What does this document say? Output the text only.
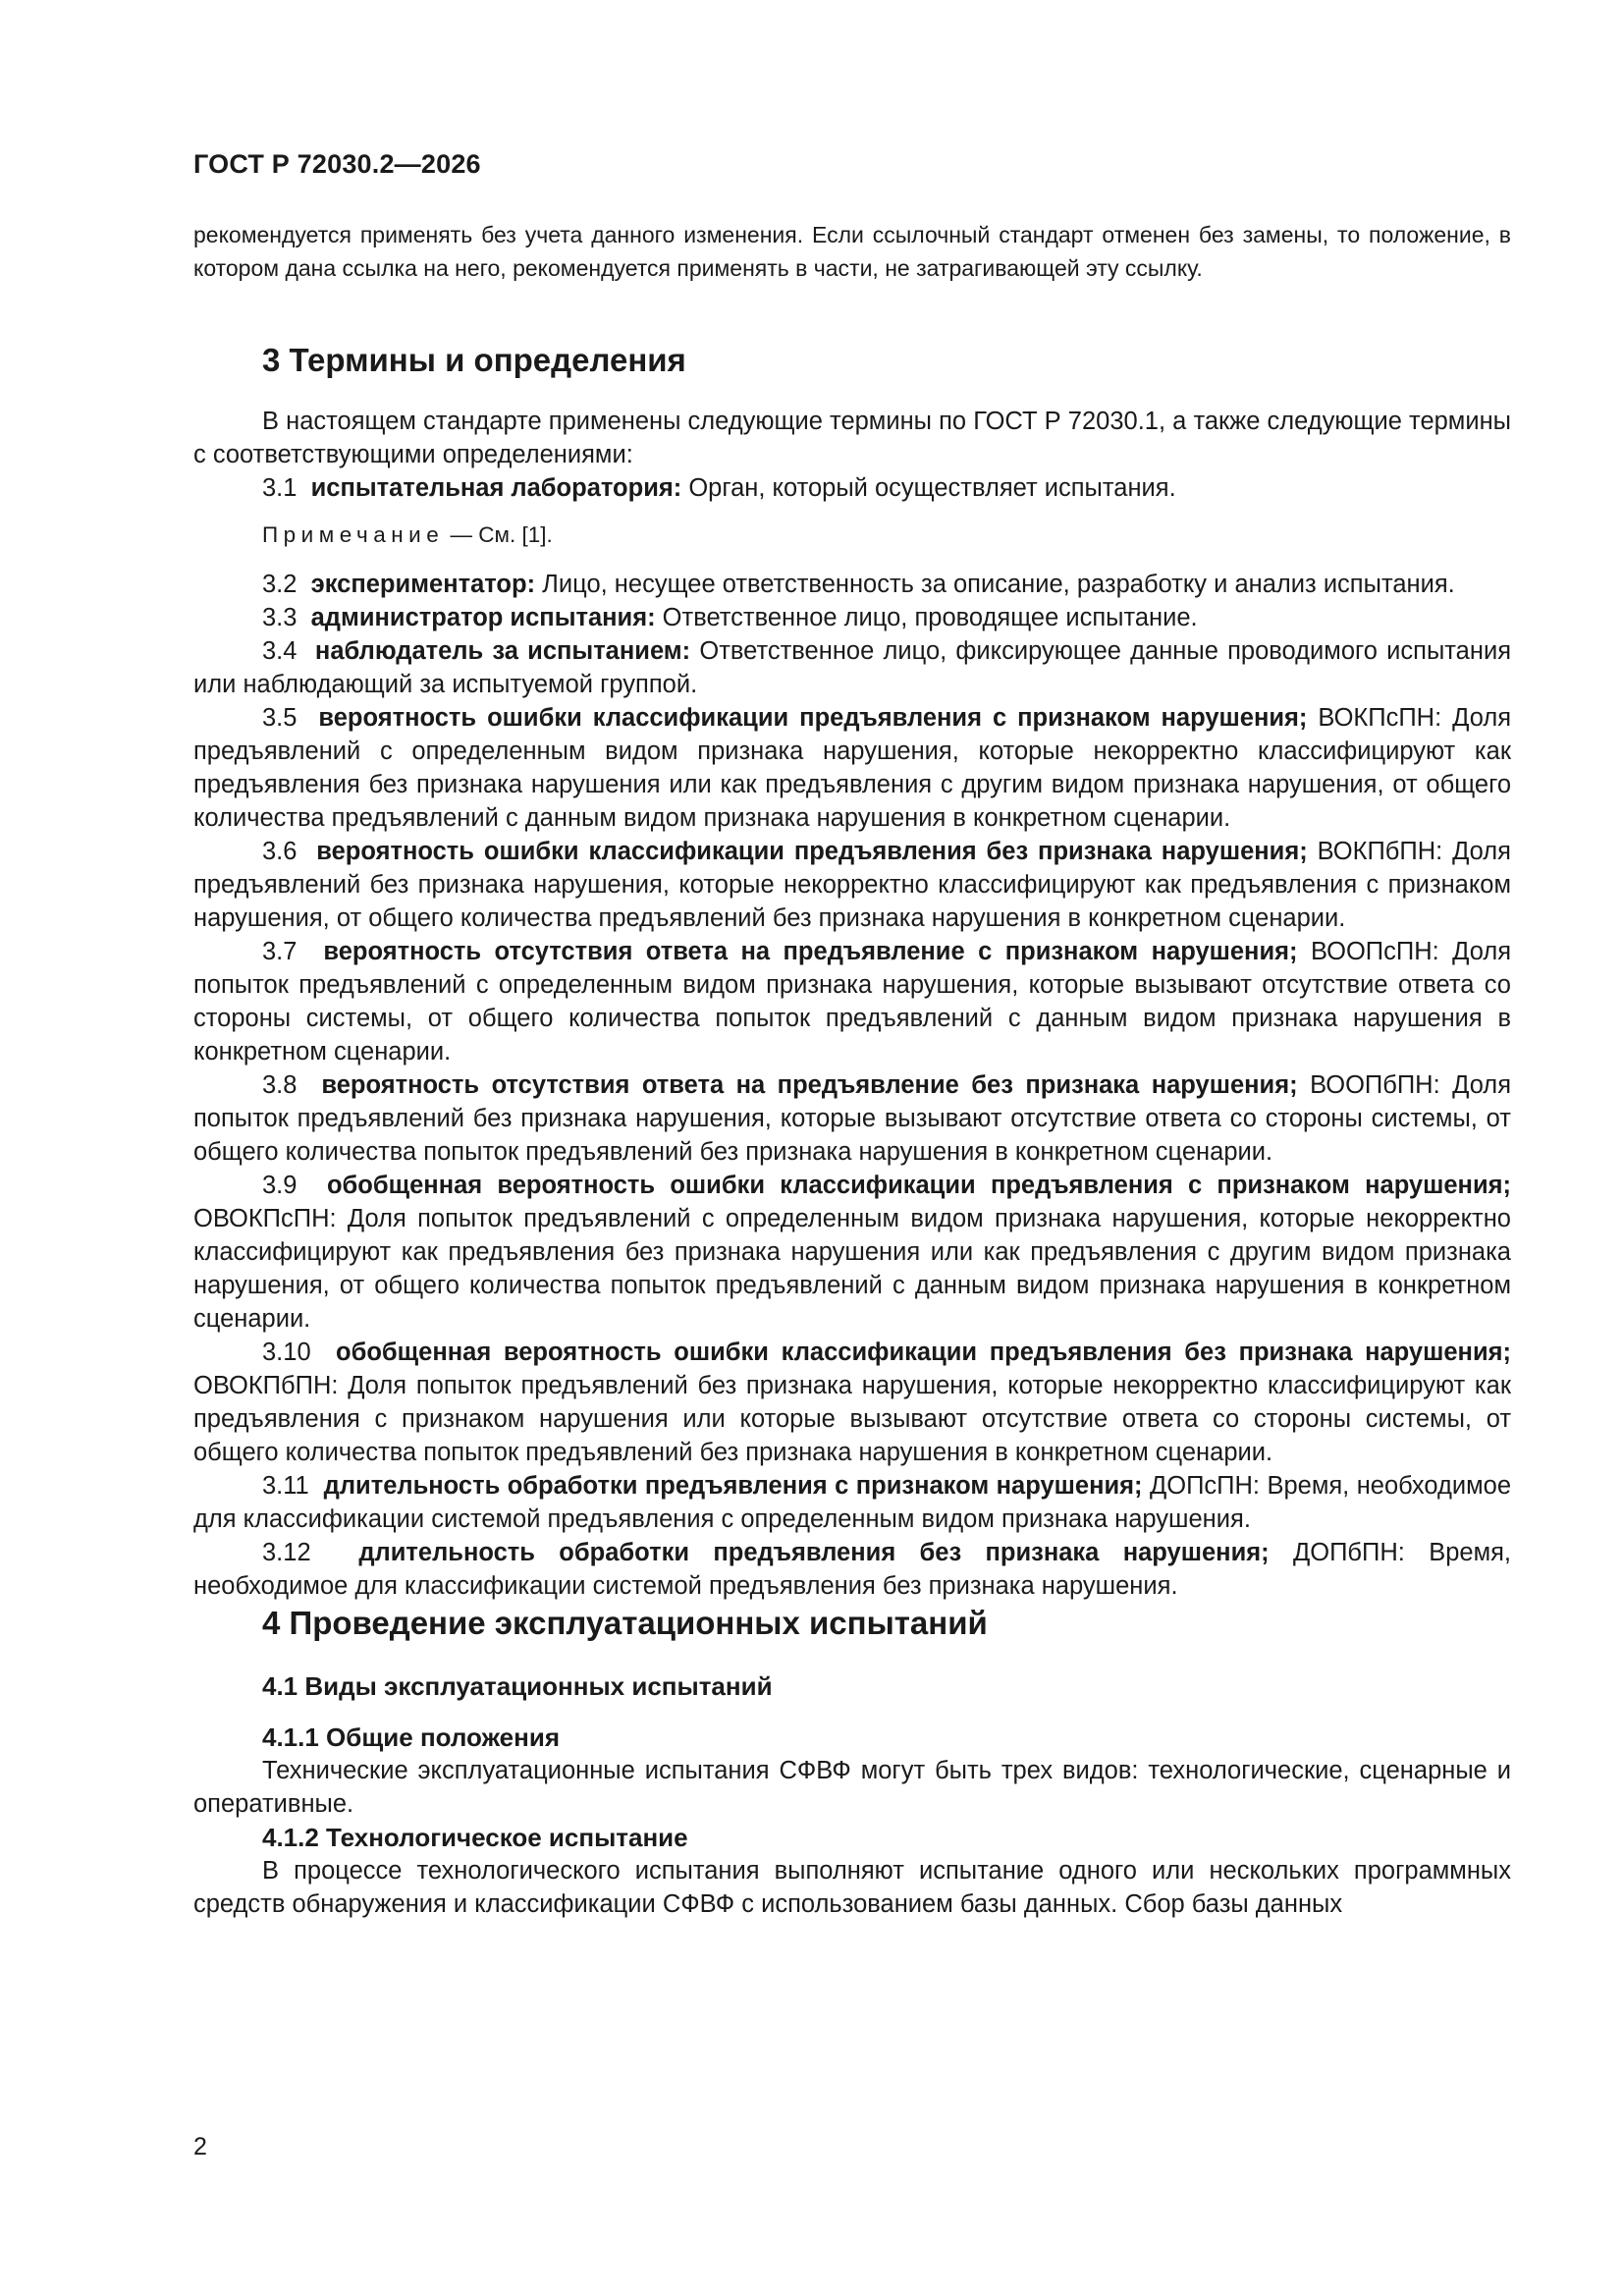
ГОСТ Р 72030.2—2026

рекомендуется применять без учета данного изменения. Если ссылочный стандарт отменен без замены, то положение, в котором дана ссылка на него, рекомендуется применять в части, не затрагивающей эту ссылку.

3 Термины и определения

В настоящем стандарте применены следующие термины по ГОСТ Р 72030.1, а также следующие термины с соответствующими определениями:

3.1 испытательная лаборатория: Орган, который осуществляет испытания.

Примечание — См. [1].

3.2 экспериментатор: Лицо, несущее ответственность за описание, разработку и анализ испытания.

3.3 администратор испытания: Ответственное лицо, проводящее испытание.

3.4 наблюдатель за испытанием: Ответственное лицо, фиксирующее данные проводимого испытания или наблюдающий за испытуемой группой.

3.5 вероятность ошибки классификации предъявления с признаком нарушения; ВОКПсПН: Доля предъявлений с определенным видом признака нарушения, которые некорректно классифицируют как предъявления без признака нарушения или как предъявления с другим видом признака нарушения, от общего количества предъявлений с данным видом признака нарушения в конкретном сценарии.

3.6 вероятность ошибки классификации предъявления без признака нарушения; ВОКПбПН: Доля предъявлений без признака нарушения, которые некорректно классифицируют как предъявления с признаком нарушения, от общего количества предъявлений без признака нарушения в конкретном сценарии.

3.7 вероятность отсутствия ответа на предъявление с признаком нарушения; ВООПсПН: Доля попыток предъявлений с определенным видом признака нарушения, которые вызывают отсутствие ответа со стороны системы, от общего количества попыток предъявлений с данным видом признака нарушения в конкретном сценарии.

3.8 вероятность отсутствия ответа на предъявление без признака нарушения; ВООПбПН: Доля попыток предъявлений без признака нарушения, которые вызывают отсутствие ответа со стороны системы, от общего количества попыток предъявлений без признака нарушения в конкретном сценарии.

3.9 обобщенная вероятность ошибки классификации предъявления с признаком нарушения; ОВОКПсПН: Доля попыток предъявлений с определенным видом признака нарушения, которые некорректно классифицируют как предъявления без признака нарушения или как предъявления с другим видом признака нарушения, от общего количества попыток предъявлений с данным видом признака нарушения в конкретном сценарии.

3.10 обобщенная вероятность ошибки классификации предъявления без признака нарушения; ОВОКПбПН: Доля попыток предъявлений без признака нарушения, которые некорректно классифицируют как предъявления с признаком нарушения или которые вызывают отсутствие ответа со стороны системы, от общего количества попыток предъявлений без признака нарушения в конкретном сценарии.

3.11 длительность обработки предъявления с признаком нарушения; ДОПсПН: Время, необходимое для классификации системой предъявления с определенным видом признака нарушения.

3.12 длительность обработки предъявления без признака нарушения; ДОПбПН: Время, необходимое для классификации системой предъявления без признака нарушения.

4 Проведение эксплуатационных испытаний
4.1 Виды эксплуатационных испытаний
4.1.1 Общие положения

Технические эксплуатационные испытания СФВФ могут быть трех видов: технологические, сценарные и оперативные.

4.1.2 Технологическое испытание

В процессе технологического испытания выполняют испытание одного или нескольких программных средств обнаружения и классификации СФВФ с использованием базы данных. Сбор базы данных

2
